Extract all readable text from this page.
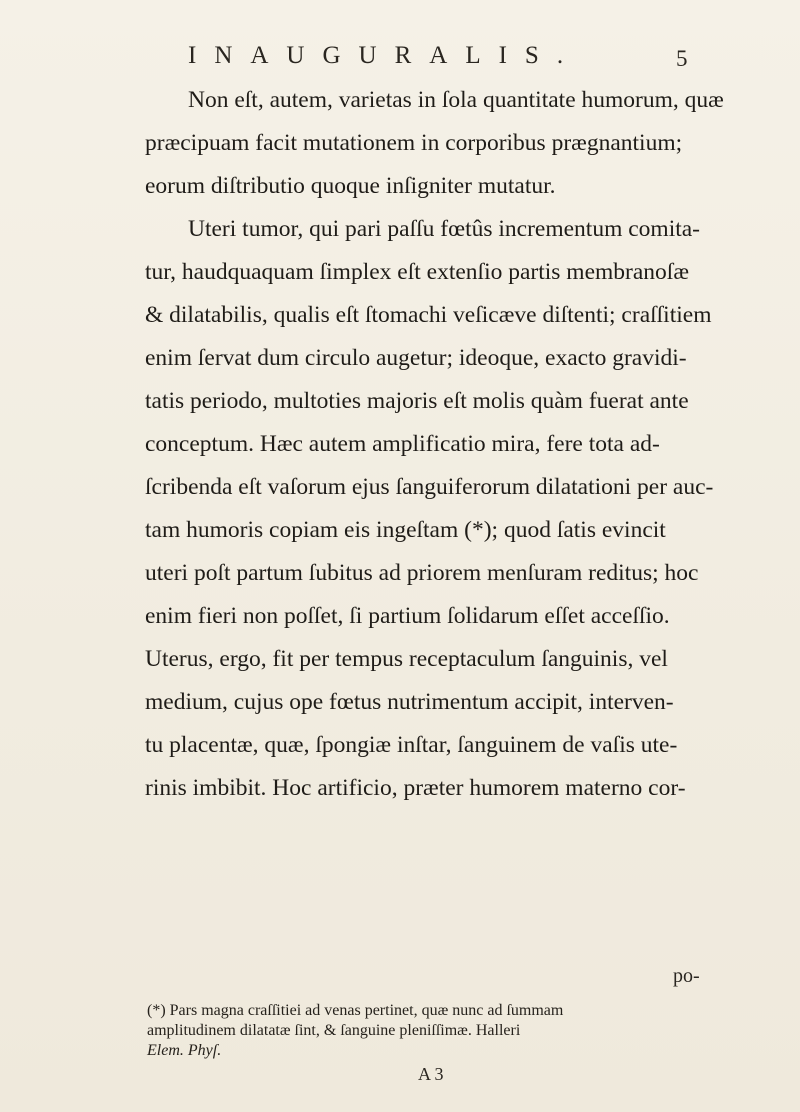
INAUGURALIS.	5
Non eſt, autem, varietas in ſola quantitate humorum, quæ
præcipuam facit mutationem in corporibus prægnantium;
eorum diſtributio quoque inſigniter mutatur.
Uteri tumor, qui pari paſſu fœtûs incrementum comita-
tur, haudquaquam ſimplex eſt extenſio partis membranoſæ
& dilatabilis, qualis eſt ſtomachi veſicæve diſtenti; craſſitiem
enim ſervat dum circulo augetur; ideoque, exacto gravidi-
tatis periodo, multoties majoris eſt molis quàm fuerat ante
conceptum. Hæc autem amplificatio mira, fere tota ad-
ſcribenda eſt vaſorum ejus ſanguiferorum dilatationi per auc-
tam humoris copiam eis ingeſtam (*); quod ſatis evincit
uteri poſt partum ſubitus ad priorem menſuram reditus; hoc
enim fieri non poſſet, ſi partium ſolidarum eſſet acceſſio.
Uterus, ergo, fit per tempus receptaculum ſanguinis, vel
medium, cujus ope fœtus nutrimentum accipit, interven-
tu placentæ, quæ, ſpongiæ inſtar, ſanguinem de vaſis ute-
rinis imbibit. Hoc artificio, præter humorem materno cor-
po-
(*) Pars magna craſſitiei ad venas pertinet, quæ nunc ad ſummam
amplitudinem dilatatæ ſint, & ſanguine pleniſſimæ. Halleri
Elem. Phyſ.
A 3
